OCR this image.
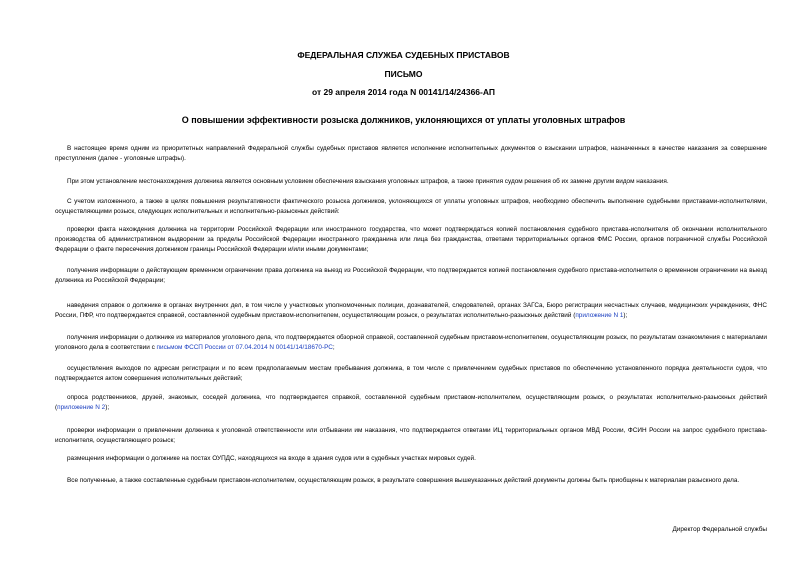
ФЕДЕРАЛЬНАЯ СЛУЖБА СУДЕБНЫХ ПРИСТАВОВ
ПИСЬМО
от 29 апреля 2014 года N 00141/14/24366-АП
О повышении эффективности розыска должников, уклоняющихся от уплаты уголовных штрафов
В настоящее время одним из приоритетных направлений Федеральной службы судебных приставов является исполнение исполнительных документов о взыскании штрафов, назначенных в качестве наказания за совершение преступления (далее - уголовные штрафы).
При этом установление местонахождения должника является основным условием обеспечения взыскания уголовных штрафов, а также принятия судом решения об их замене другим видом наказания.
С учетом изложенного, а также в целях повышения результативности фактического розыска должников, уклоняющихся от уплаты уголовных штрафов, необходимо обеспечить выполнение судебными приставами-исполнителями, осуществляющими розыск, следующих исполнительных и исполнительно-разыскных действий:
проверки факта нахождения должника на территории Российской Федерации или иностранного государства, что может подтверждаться копией постановления судебного пристава-исполнителя об окончании исполнительного производства об административном выдворении за пределы Российской Федерации иностранного гражданина или лица без гражданства, ответами территориальных органов ФМС России, органов пограничной службы Российской Федерации о факте пересечения должником границы Российской Федерации и/или иными документами;
получения информации о действующем временном ограничении права должника на выезд из Российской Федерации, что подтверждается копией постановления судебного пристава-исполнителя о временном ограничении на выезд должника из Российской Федерации;
наведения справок о должнике в органах внутренних дел, в том числе у участковых уполномоченных полиции, дознавателей, следователей, органах ЗАГСа, Бюро регистрации несчастных случаев, медицинских учреждениях, ФНС России, ПФР, что подтверждается справкой, составленной судебным приставом-исполнителем, осуществляющим розыск, о результатах исполнительно-разыскных действий (приложение N 1);
получения информации о должнике из материалов уголовного дела, что подтверждается обзорной справкой, составленной судебным приставом-исполнителем, осуществляющим розыск, по результатам ознакомления с материалами уголовного дела в соответствии с письмом ФССП России от 07.04.2014 N 00141/14/18670-РС;
осуществления выходов по адресам регистрации и по всем предполагаемым местам пребывания должника, в том числе с привлечением судебных приставов по обеспечению установленного порядка деятельности судов, что подтверждается актом совершения исполнительных действий;
опроса родственников, друзей, знакомых, соседей должника, что подтверждается справкой, составленной судебным приставом-исполнителем, осуществляющим розыск, о результатах исполнительно-разыскных действий (приложение N 2);
проверки информации о привлечении должника к уголовной ответственности или отбывании им наказания, что подтверждается ответами ИЦ территориальных органов МВД России, ФСИН России на запрос судебного пристава-исполнителя, осуществляющего розыск;
размещения информации о должнике на постах ОУПДС, находящихся на входе в здания судов или в судебных участках мировых судей.
Все полученные, а также составленные судебным приставом-исполнителем, осуществляющим розыск, в результате совершения вышеуказанных действий документы должны быть приобщены к материалам разыскного дела.
Директор Федеральной службы
